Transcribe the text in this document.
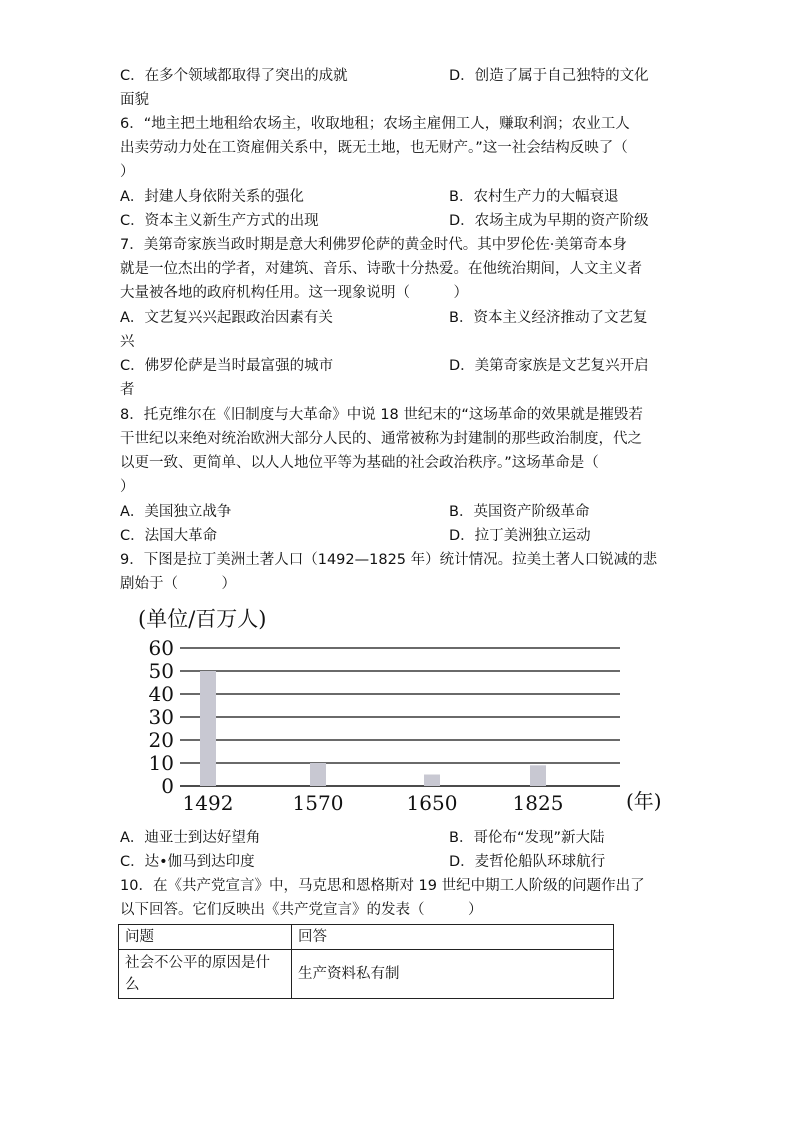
C．在多个领域都取得了突出的成就	D．创造了属于自己独特的文化
面貌
6．“地主把土地租给农场主，收取地租；农场主雇佣工人，赚取利润；农业工人
出卖劳动力处在工资雇佣关系中，既无土地，也无财产。”这一社会结构反映了（
）
A．封建人身依附关系的强化	B．农村生产力的大幅衰退
C．资本主义新生产方式的出现	D．农场主成为早期的资产阶级
7．美第奇家族当政时期是意大利佛罗伦萨的黄金时代。其中罗伦佐·美第奇本身
就是一位杰出的学者，对建筑、音乐、诗歌十分热爱。在他统治期间，人文主义者
大量被各地的政府机构任用。这一现象说明（　　　）
A．文艺复兴兴起跟政治因素有关	B．资本主义经济推动了文艺复
兴
C．佛罗伦萨是当时最富强的城市	D．美第奇家族是文艺复兴开启
者
8．托克维尔在《旧制度与大革命》中说 18 世纪末的“这场革命的效果就是摧毁若
干世纪以来绝对统治欧洲大部分人民的、通常被称为封建制的那些政治制度，代之
以更一致、更简单、以人人地位平等为基础的社会政治秩序。”这场革命是（
）
A．美国独立战争	B．英国资产阶级革命
C．法国大革命	D．拉丁美洲独立运动
9．下图是拉丁美洲土著人口（1492—1825 年）统计情况。拉美土著人口锐减的悲
剧始于（　　　）
(单位/百万人)
0
10
20
30
40
50
60
1492	1570	1650	1825	(年)
A．迪亚士到达好望角	B．哥伦布“发现”新大陆
C．达•伽马到达印度	D．麦哲伦船队环球航行
10．在《共产党宣言》中，马克思和恩格斯对 19 世纪中期工人阶级的问题作出了
以下回答。它们反映出《共产党宣言》的发表（　　　）
问题	回答

社会不公平的原因是什
么	生产资料私有制
